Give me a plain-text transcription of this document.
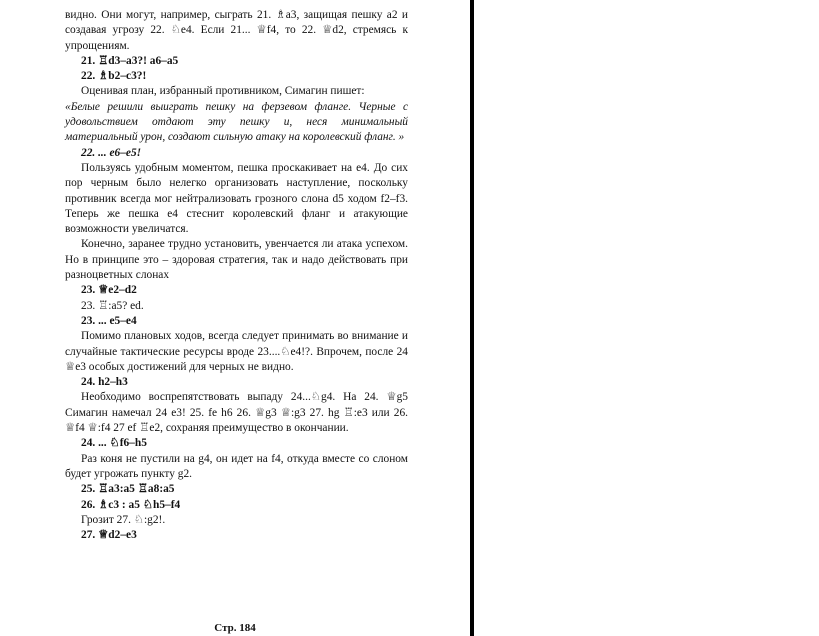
видно. Они могут, например, сыграть 21. ♗a3, защищая пешку a2 и создавая угрозу 22. ♘e4. Если 21... ♕f4, то 22. ♕d2, стремясь к упрощениям.

21. ♖d3–a3?! a6–a5

22. ♗b2–c3?!

Оценивая план, избранный противником, Симагин пишет:

«Белые решили выиграть пешку на ферзевом фланге. Черные с удовольствием отдают эту пешку и, неся минимальный материальный урон, создают сильную атаку на королевский фланг. »

22. ... e6–e5!

Пользуясь удобным моментом, пешка проскакивает на e4. До сих пор черным было нелегко организовать наступление, поскольку противник всегда мог нейтрализовать грозного слона d5 ходом f2–f3. Теперь же пешка e4 стеснит королевский фланг и атакующие возможности увеличатся.

Конечно, заранее трудно установить, увенчается ли атака успехом. Но в принципе это – здоровая стратегия, так и надо действовать при разноцветных слонах

23. ♕e2–d2

23. ♖:a5? ed.

23. ... e5–e4

Помимо плановых ходов, всегда следует принимать во внимание и случайные тактические ресурсы вроде 23....♘e4!?. Впрочем, после 24 ♕e3 особых достижений для черных не видно.

24. h2–h3

Необходимо воспрепятствовать выпаду 24...♘g4. На 24. ♕g5 Симагин намечал 24 e3! 25. fe h6 26. ♕g3 ♕:g3 27. hg ♖:e3 или 26. ♕f4 ♕:f4 27 ef ♖e2, сохраняя преимущество в окончании.

24. ... ♘f6–h5

Раз коня не пустили на g4, он идет на f4, откуда вместе со слоном будет угрожать пункту g2.

25. ♖a3:a5 ♖a8:a5

26. ♗c3 : a5 ♘h5–f4

Грозит 27. ♘:g2!.

27. ♕d2–e3

Стр. 184
